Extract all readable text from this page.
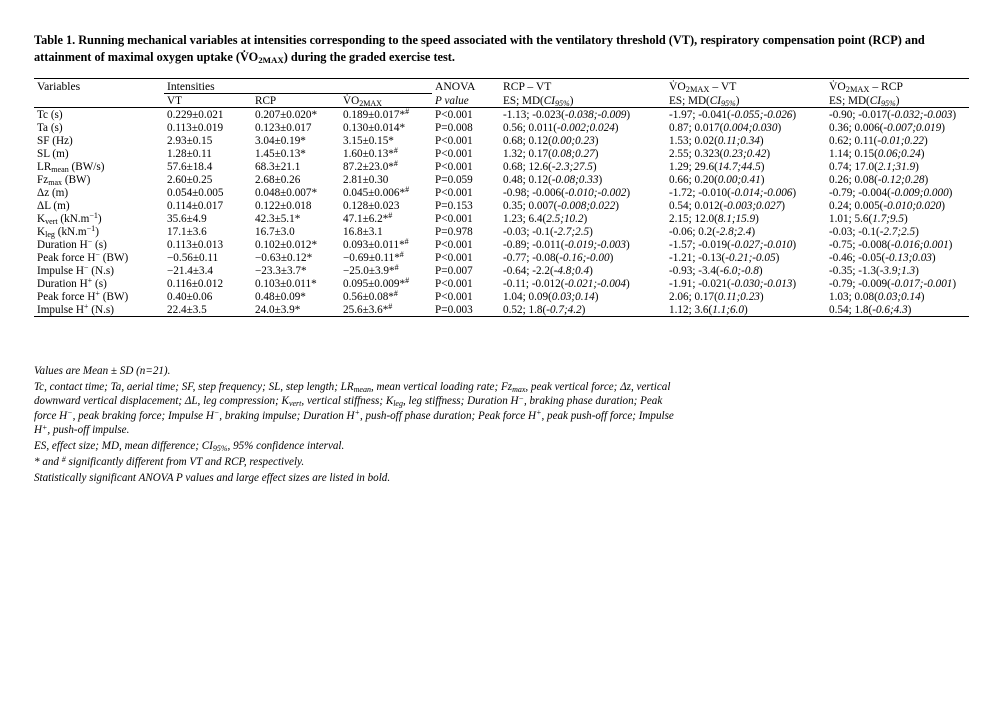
Table 1. Running mechanical variables at intensities corresponding to the speed associated with the ventilatory threshold (VT), respiratory compensation point (RCP) and attainment of maximal oxygen uptake $(VO_{2MAX})$ during the graded exercise test.
Variables	Intensities			ANOVA	RCP – VT	$VO_{2MAX}$ – VT	$VO_{2MAX}$ – RCP
	VT	RCP	$VO_{2MAX}$	P value	ES; $MD(CI_{95\%})$	ES; $MD(CI_{95\%})$	ES; $MD(CI_{95\%})$
Tc (s)	0.229±0.021	0.207±0.020*	0.189±0.017*#	P<0.001	-1.13; -0.023(-0.038;-0.009)	-1.97; -0.041(-0.055;-0.026)	-0.90; -0.017(-0.032;-0.003)
Ta (s)	0.113±0.019	0.123±0.017	0.130±0.014*	P=0.008	0.56; 0.011(-0.002;0.024)	0.87; 0.017(0.004;0.030)	0.36; 0.006(-0.007;0.019)
SF (Hz)	2.93±0.15	3.04±0.19*	3.15±0.15*	P<0.001	0.68; 0.12(0.00;0.23)	1.53; 0.02(0.11;0.34)	0.62; 0.11(-0.01;0.22)
SL (m)	1.28±0.11	1.45±0.13*	1.60±0.13*#	P<0.001	1.32; 0.17(0.08;0.27)	2.55; 0.323(0.23;0.42)	1.14; 0.15(0.06;0.24)
$LR_{mean}$ (BW/s)	57.6±18.4	68.3±21.1	87.2±23.0*#	P<0.001	0.68; 12.6(-2.3;27.5)	1.29; 29.6(14.7;44.5)	0.74; 17.0(2.1;31.9)
$Fz_{max}$ (BW)	2.60±0.25	2.68±0.26	2.81±0.30	P=0.059	0.48; 0.12(-0.08;0.33)	0.66; 0.20(0.00;0.41)	0.26; 0.08(-0.12;0.28)
Δz (m)	0.054±0.005	0.048±0.007*	0.045±0.006*#	P<0.001	-0.98; -0.006(-0.010;-0.002)	-1.72; -0.010(-0.014;-0.006)	-0.79; -0.004(-0.009;0.000)
ΔL (m)	0.114±0.017	0.122±0.018	0.128±0.023	P=0.153	0.35; 0.007(-0.008;0.022)	0.54; 0.012(-0.003;0.027)	0.24; 0.005(-0.010;0.020)
$K_{vert}$ $(kN.m^{-1})$	35.6±4.9	42.3±5.1*	47.1±6.2*#	P<0.001	1.23; 6.4(2.5;10.2)	2.15; 12.0(8.1;15.9)	1.01; 5.6(1.7;9.5)
$K_{leg}$ $(kN.m^{-1})$	17.1±3.6	16.7±3.0	16.8±3.1	P=0.978	-0.03; -0.1(-2.7;2.5)	-0.06; 0.2(-2.8;2.4)	-0.03; -0.1(-2.7;2.5)
Duration H− (s)	0.113±0.013	0.102±0.012*	0.093±0.011*#	P<0.001	-0.89; -0.011(-0.019;-0.003)	-1.57; -0.019(-0.027;-0.010)	-0.75; -0.008(-0.016;0.001)
Peak force H− (BW)	−0.56±0.11	−0.63±0.12*	−0.69±0.11*#	P<0.001	-0.77; -0.08(-0.16;-0.00)	-1.21; -0.13(-0.21;-0.05)	-0.46; -0.05(-0.13;0.03)
Impulse H− (N.s)	−21.4±3.4	−23.3±3.7*	−25.0±3.9*#	P=0.007	-0.64; -2.2(-4.8;0.4)	-0.93; -3.4(-6.0;-0.8)	-0.35; -1.3(-3.9;1.3)
Duration H+ (s)	0.116±0.012	0.103±0.011*	0.095±0.009*#	P<0.001	-0.11; -0.012(-0.021;-0.004)	-1.91; -0.021(-0.030;-0.013)	-0.79; -0.009(-0.017;-0.001)
Peak force H+ (BW)	0.40±0.06	0.48±0.09*	0.56±0.08*#	P<0.001	1.04; 0.09(0.03;0.14)	2.06; 0.17(0.11;0.23)	1.03; 0.08(0.03;0.14)
Impulse H+ (N.s)	22.4±3.5	24.0±3.9*	25.6±3.6*#	P=0.003	0.52; 1.8(-0.7;4.2)	1.12; 3.6(1.1;6.0)	0.54; 1.8(-0.6;4.3)

Values are Mean ± SD (n=21).

Tc, contact time; Ta, aerial time; SF, step frequency; SL, step length; $LR_{mean}$, mean vertical loading rate; $Fz_{max}$, peak vertical force; Δz, vertical downward vertical displacement; ΔL, leg compression; $K_{vert}$, vertical stiffness; $K_{leg}$, leg stiffness; Duration H−, braking phase duration; Peak force H−, peak braking force; Impulse H−, braking impulse; Duration H+, push-off phase duration; Peak force H+, peak push-off force; Impulse H+, push-off impulse.

ES, effect size; MD, mean difference; $CI_{95\%}$, 95% confidence interval.

* and # significantly different from VT and RCP, respectively.

Statistically significant ANOVA P values and large effect sizes are listed in bold.
